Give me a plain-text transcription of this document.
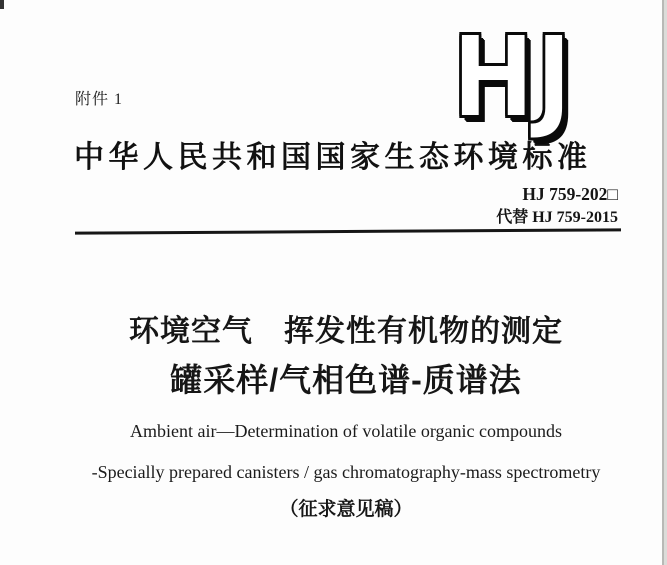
附件 1	HJ
中华人民共和国国家生态环境标准
HJ 759-202□
代替 HJ 759-2015
环境空气　挥发性有机物的测定
罐采样/气相色谱-质谱法
Ambient air—Determination of volatile organic compounds
-Specially prepared canisters / gas chromatography-mass spectrometry
（征求意见稿）
